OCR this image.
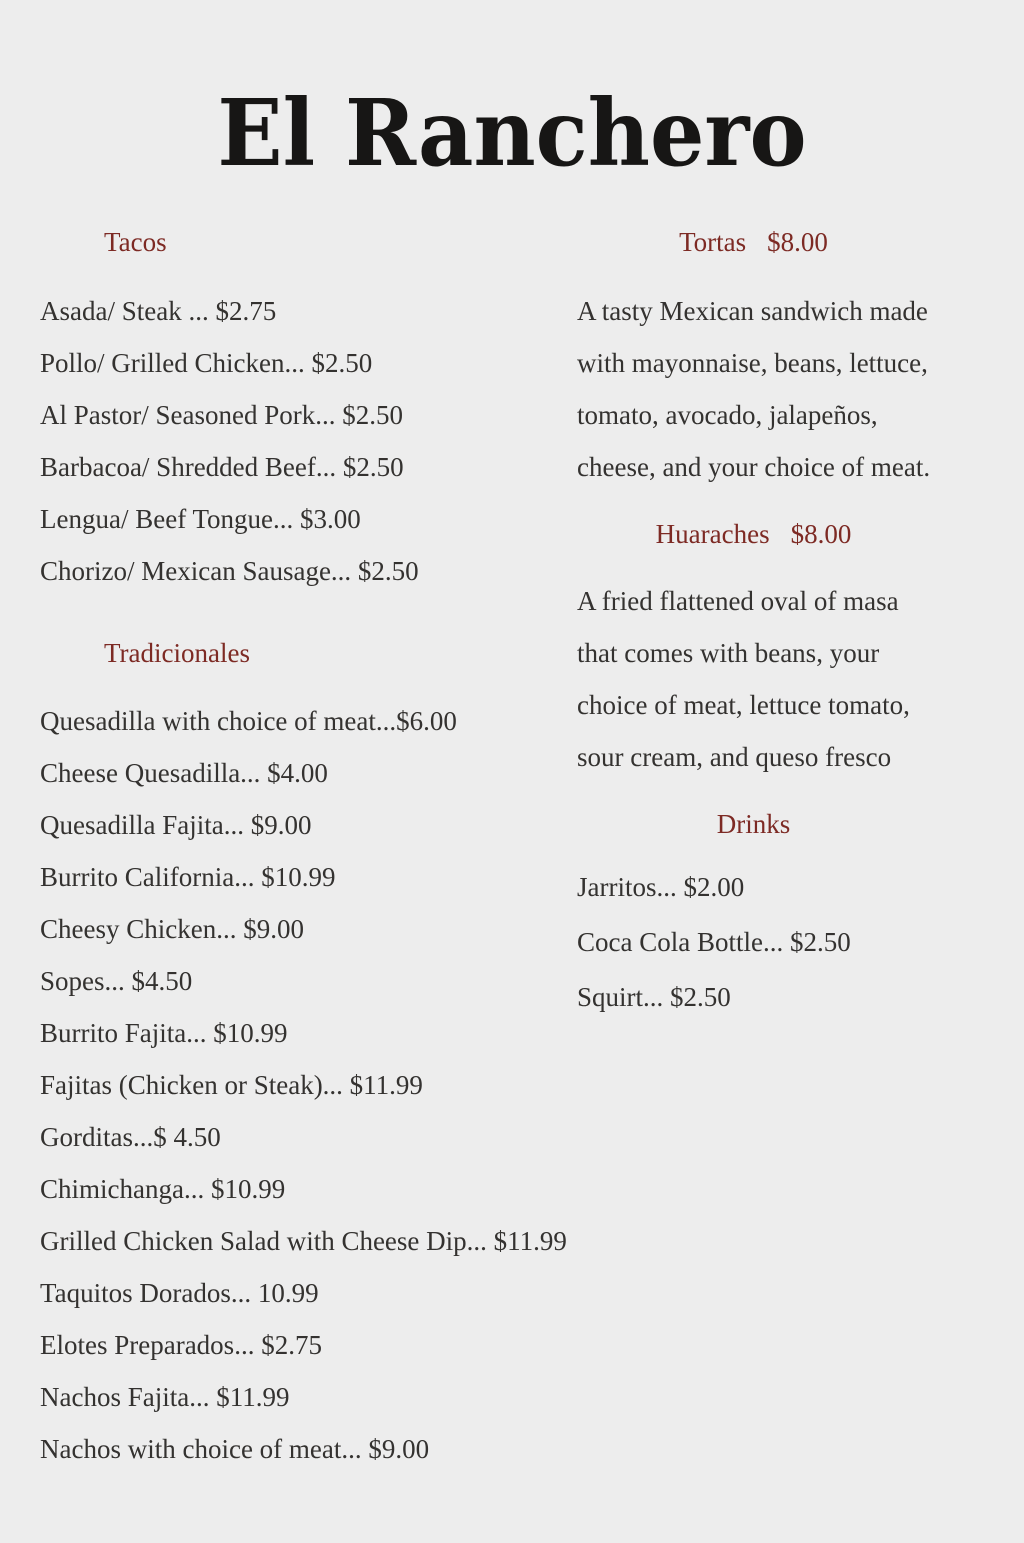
El Ranchero
Tacos
Asada/ Steak ... $2.75
Pollo/ Grilled Chicken... $2.50
Al Pastor/ Seasoned Pork... $2.50
Barbacoa/ Shredded Beef... $2.50
Lengua/ Beef Tongue... $3.00
Chorizo/ Mexican Sausage... $2.50
Tradicionales
Quesadilla with choice of meat...$6.00
Cheese Quesadilla... $4.00
Quesadilla Fajita... $9.00
Burrito California... $10.99
Cheesy Chicken... $9.00
Sopes... $4.50
Burrito Fajita... $10.99
Fajitas (Chicken or Steak)... $11.99
Gorditas...$ 4.50
Chimichanga... $10.99
Grilled Chicken Salad with Cheese Dip... $11.99
Taquitos Dorados... 10.99
Elotes Preparados... $2.75
Nachos Fajita... $11.99
Nachos with choice of meat... $9.00
Tortas $8.00
A tasty Mexican sandwich made
with mayonnaise, beans, lettuce,
tomato, avocado, jalapeños,
cheese, and your choice of meat.
Huaraches $8.00
A fried flattened oval of masa
that comes with beans, your
choice of meat, lettuce tomato,
sour cream, and queso fresco
Drinks
Jarritos... $2.00
Coca Cola Bottle... $2.50
Squirt... $2.50
